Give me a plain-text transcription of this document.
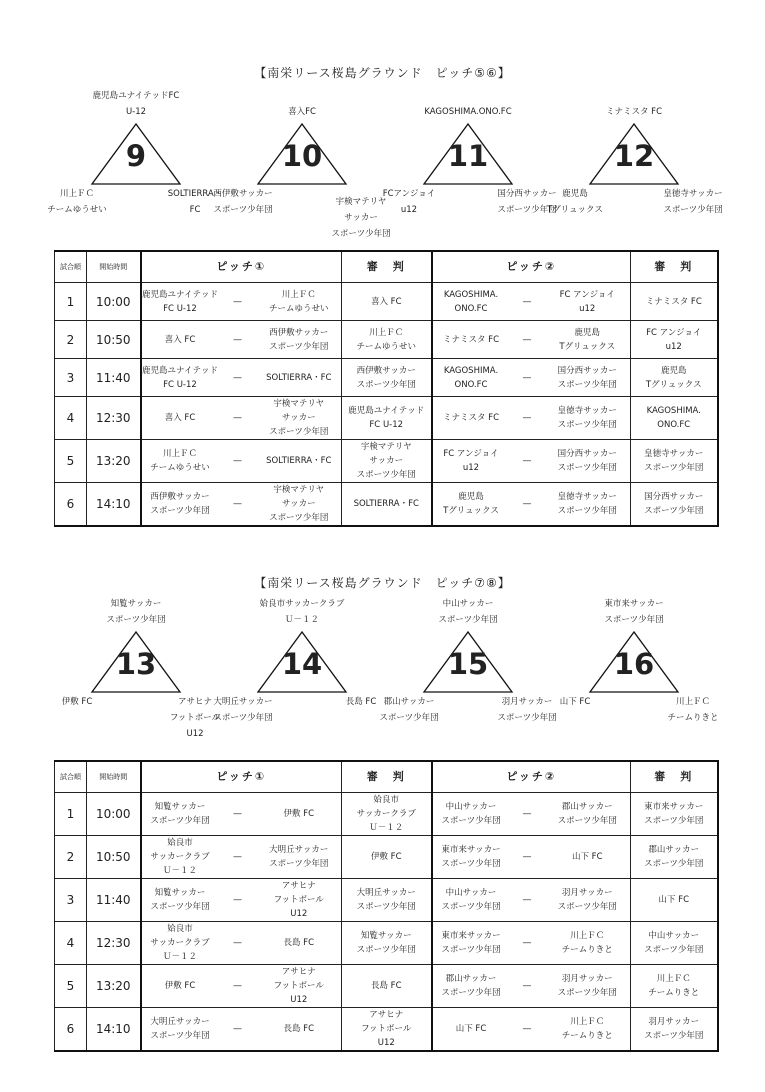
【南栄リース桜島グラウンド　ピッチ⑤⑥】
鹿児島ユナイテッドFC
U-12
9
川上ＦＣ
チームゆうせい
SOLTIERRA・
FC
喜入FC
10
西伊敷サッカー
スポーツ少年団
宇検マテリヤ
サッカー
スポーツ少年団
KAGOSHIMA.ONO.FC
11
FCアンジョイ
u12
国分西サッカー
スポーツ少年団
ミナミスタ FC
12
鹿児島
Tグリュックス
皇徳寺サッカー
スポーツ少年団
試合順	開始時間	ピッチ①			審　判	ピッチ②			審　判
1	10:00	鹿児島ユナイテッド
FC U-12	—	川上ＦＣ
チームゆうせい	喜入 FC	KAGOSHIMA.
ONO.FC	—	FC アンジョイ
u12	ミナミスタ FC
2	10:50	喜入 FC	—	西伊敷サッカー
スポーツ少年団	川上ＦＣ
チームゆうせい	ミナミスタ FC	—	鹿児島
Tグリュックス	FC アンジョイ
u12
3	11:40	鹿児島ユナイテッド
FC U-12	—	SOLTIERRA・FC	西伊敷サッカー
スポーツ少年団	KAGOSHIMA.
ONO.FC	—	国分西サッカー
スポーツ少年団	鹿児島
Tグリュックス
4	12:30	喜入 FC	—	宇検マテリヤ
サッカー
スポーツ少年団	鹿児島ユナイテッド
FC U-12	ミナミスタ FC	—	皇徳寺サッカー
スポーツ少年団	KAGOSHIMA.
ONO.FC
5	13:20	川上ＦＣ
チームゆうせい	—	SOLTIERRA・FC	宇検マテリヤ
サッカー
スポーツ少年団	FC アンジョイ
u12	—	国分西サッカー
スポーツ少年団	皇徳寺サッカー
スポーツ少年団
6	14:10	西伊敷サッカー
スポーツ少年団	—	宇検マテリヤ
サッカー
スポーツ少年団	SOLTIERRA・FC	鹿児島
Tグリュックス	—	皇徳寺サッカー
スポーツ少年団	国分西サッカー
スポーツ少年団
【南栄リース桜島グラウンド　ピッチ⑦⑧】
知覧サッカー
スポーツ少年団
13
伊敷 FC	アサヒナ
フットボール
U12
姶良市サッカークラブ
Ｕ－１２
14
大明丘サッカー
スポーツ少年団
長島 FC
中山サッカー
スポーツ少年団
15
郡山サッカー
スポーツ少年団
羽月サッカー
スポーツ少年団
東市来サッカー
スポーツ少年団
16
山下 FC	川上ＦＣ
チームりきと
試合順	開始時間	ピッチ①			審　判	ピッチ②			審　判
1	10:00	知覧サッカー
スポーツ少年団	—	伊敷 FC	姶良市
サッカークラブ
Ｕ－１２	中山サッカー
スポーツ少年団	—	郡山サッカー
スポーツ少年団	東市来サッカー
スポーツ少年団
2	10:50	姶良市
サッカークラブ
Ｕ－１２	—	大明丘サッカー
スポーツ少年団	伊敷 FC	東市来サッカー
スポーツ少年団	—	山下 FC	郡山サッカー
スポーツ少年団
3	11:40	知覧サッカー
スポーツ少年団	—	アサヒナ
フットボール
U12	大明丘サッカー
スポーツ少年団	中山サッカー
スポーツ少年団	—	羽月サッカー
スポーツ少年団	山下 FC
4	12:30	姶良市
サッカークラブ
Ｕ－１２	—	長島 FC	知覧サッカー
スポーツ少年団	東市来サッカー
スポーツ少年団	—	川上ＦＣ
チームりきと	中山サッカー
スポーツ少年団
5	13:20	伊敷 FC	—	アサヒナ
フットボール
U12	長島 FC	郡山サッカー
スポーツ少年団	—	羽月サッカー
スポーツ少年団	川上ＦＣ
チームりきと
6	14:10	大明丘サッカー
スポーツ少年団	—	長島 FC	アサヒナ
フットボール
U12	山下 FC	—	川上ＦＣ
チームりきと	羽月サッカー
スポーツ少年団
